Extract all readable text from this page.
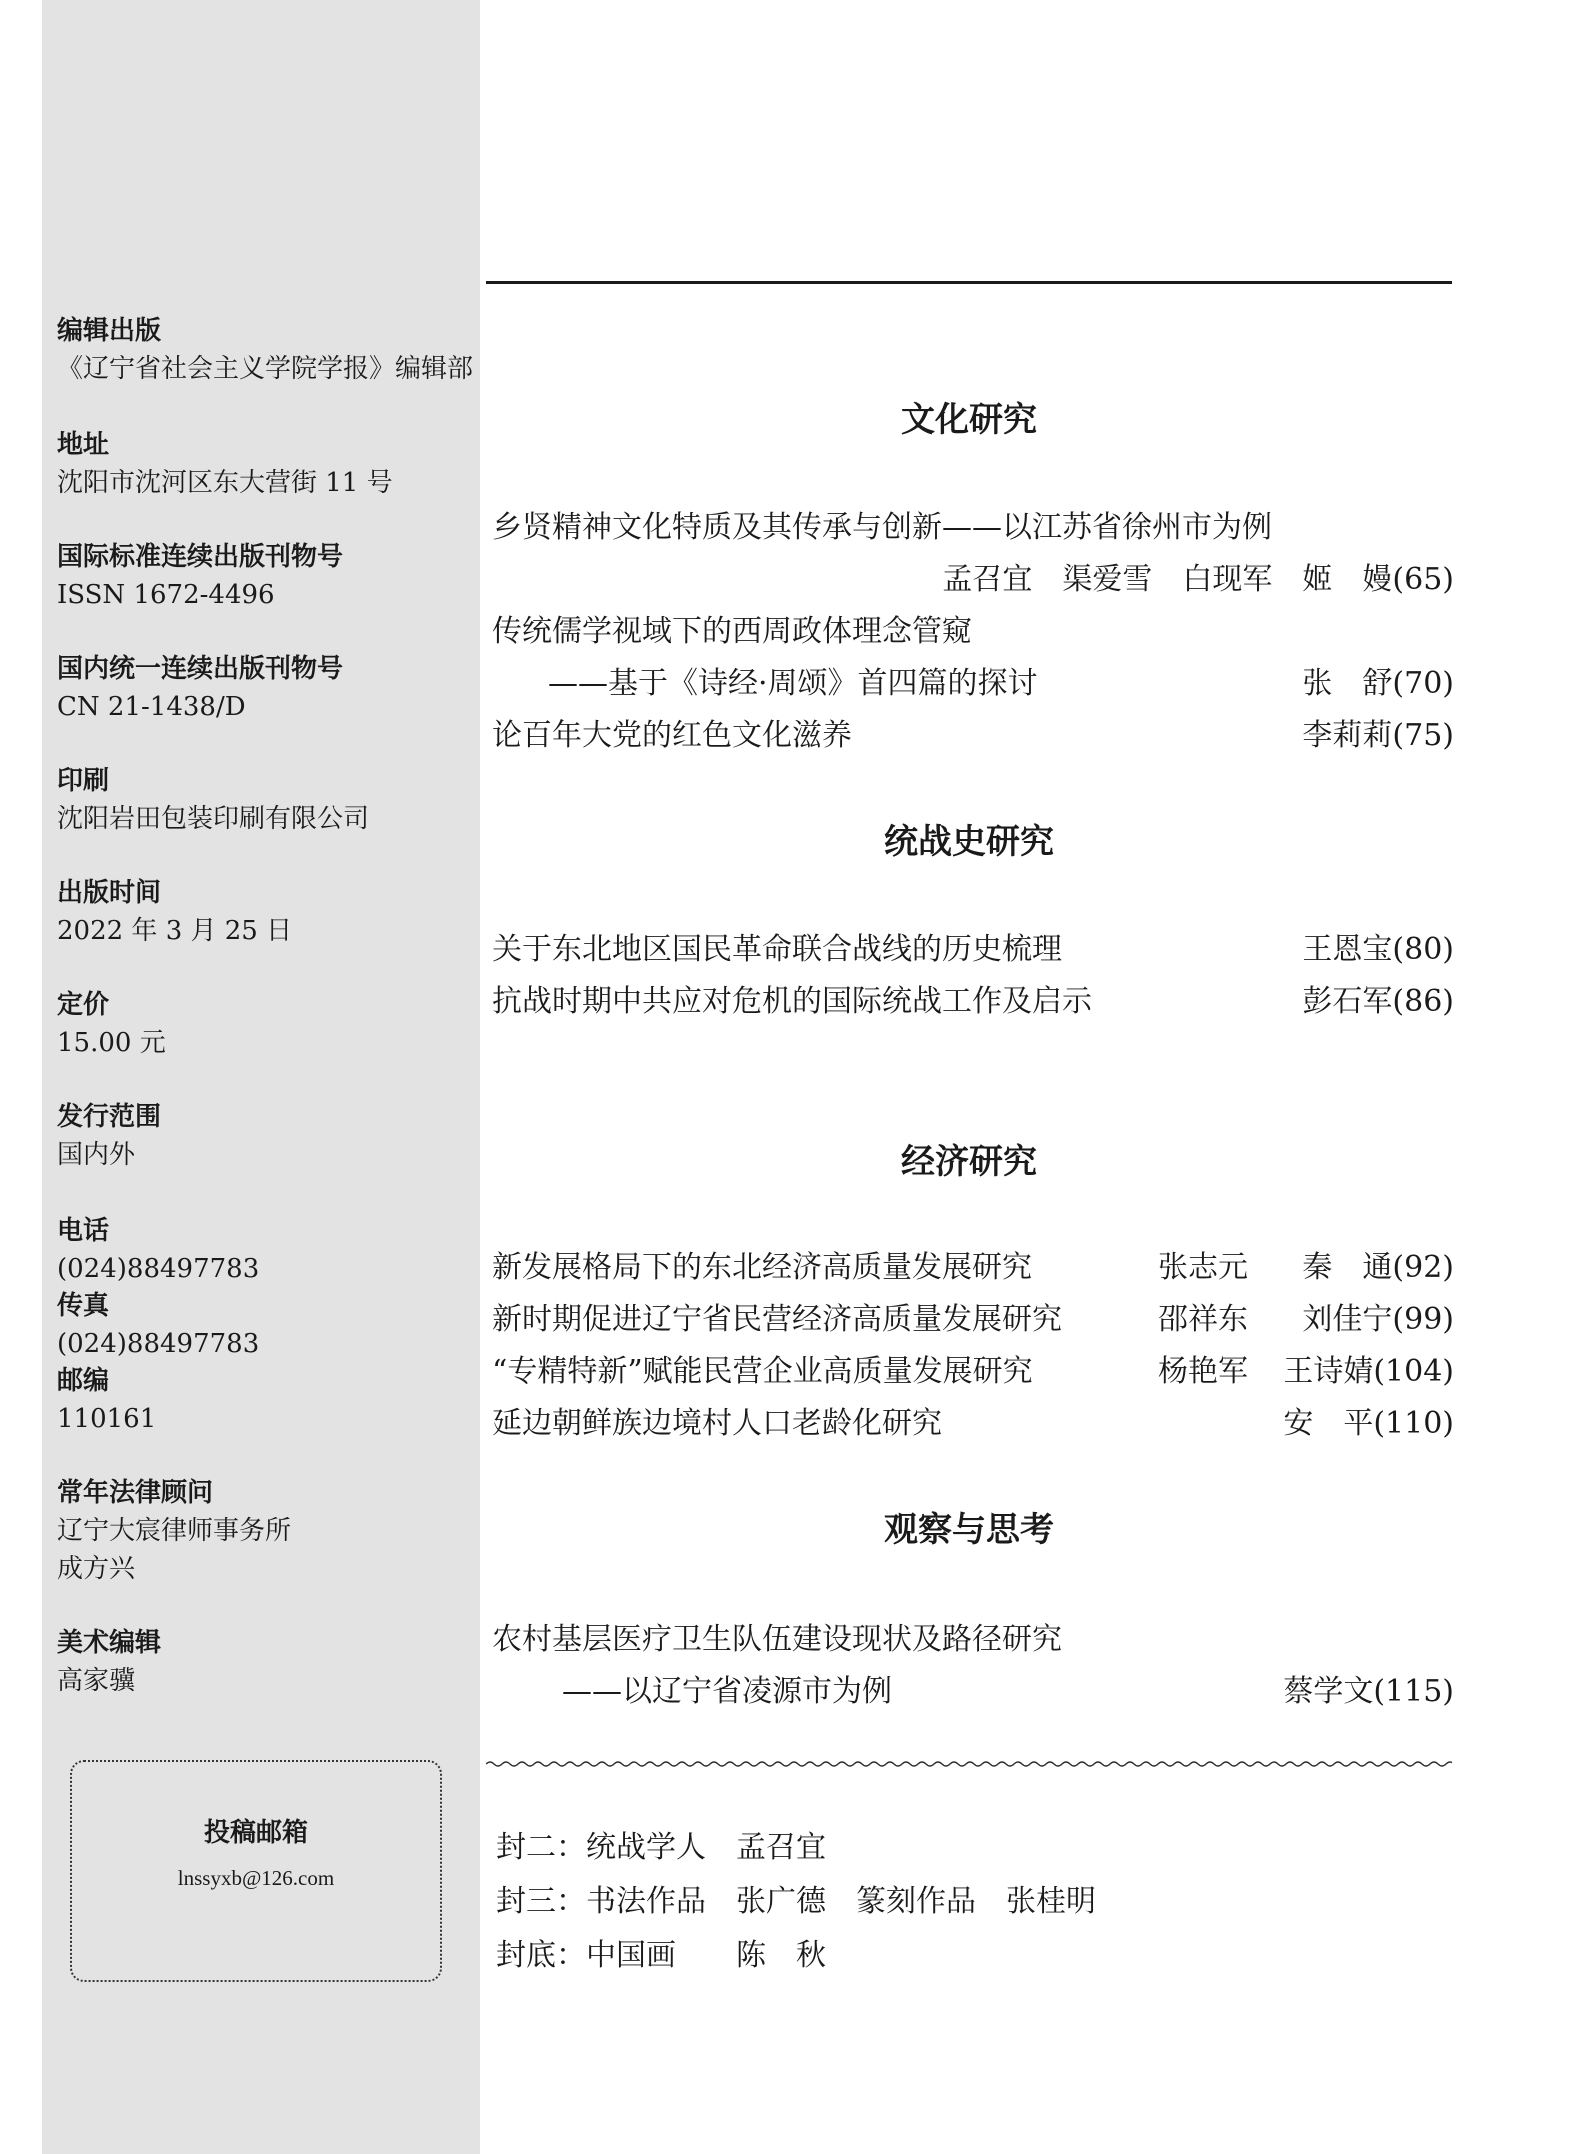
编辑出版
《辽宁省社会主义学院学报》编辑部
地址
沈阳市沈河区东大营街 11 号
国际标准连续出版刊物号
ISSN 1672-4496
国内统一连续出版刊物号
CN 21-1438/D
印刷
沈阳岩田包装印刷有限公司
出版时间
2022 年 3 月 25 日
定价
15.00 元
发行范围
国内外
电话
(024)88497783
传真
(024)88497783
邮编
110161
常年法律顾问
辽宁大宸律师事务所
成方兴
美术编辑
高家骥
投稿邮箱
lnssyxb@126.com
文化研究
乡贤精神文化特质及其传承与创新——以江苏省徐州市为例
孟召宜　渠爱雪　白现军　姬　嫚(65)
传统儒学视域下的西周政体理念管窥
——基于《诗经·周颂》首四篇的探讨	张　舒(70)
论百年大党的红色文化滋养	李莉莉(75)
统战史研究
关于东北地区国民革命联合战线的历史梳理	王恩宝(80)
抗战时期中共应对危机的国际统战工作及启示	彭石军(86)
经济研究
新发展格局下的东北经济高质量发展研究	张志元 秦　通(92)
新时期促进辽宁省民营经济高质量发展研究	邵祥东 刘佳宁(99)
“专精特新”赋能民营企业高质量发展研究	杨艳军 王诗婧(104)
延边朝鲜族边境村人口老龄化研究	安　平(110)
观察与思考
农村基层医疗卫生队伍建设现状及路径研究
——以辽宁省凌源市为例	蔡学文(115)
封二：统战学人　孟召宜
封三：书法作品　张广德　篆刻作品　张桂明
封底：中国画　　陈　秋
